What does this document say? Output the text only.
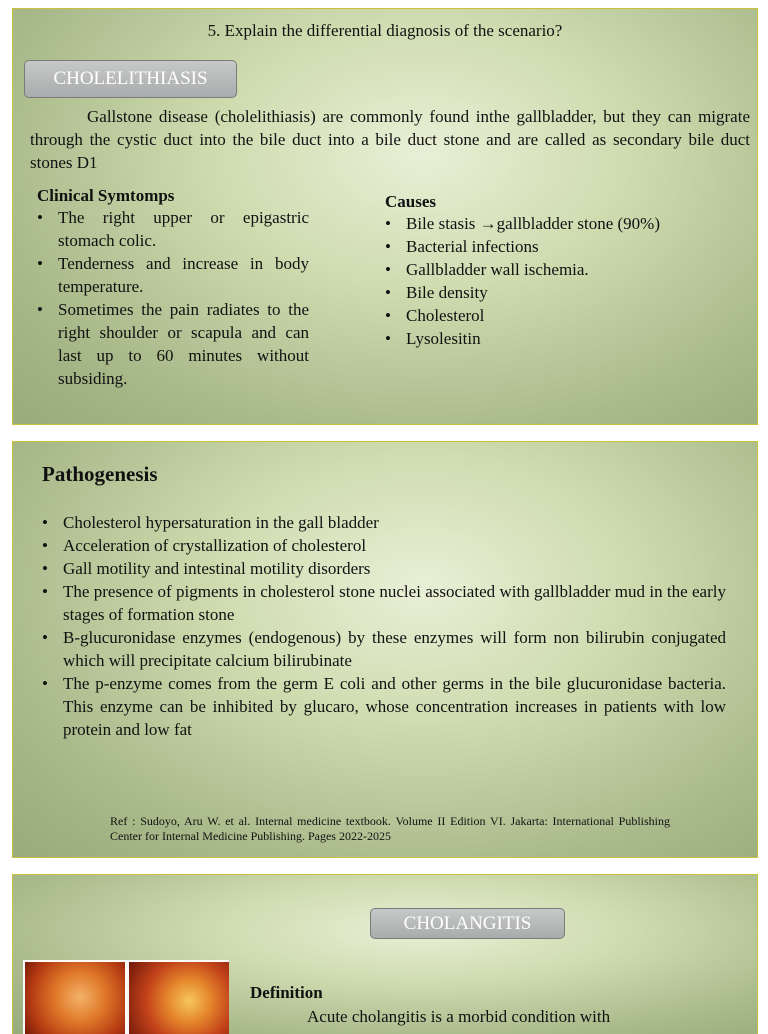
5. Explain the differential diagnosis of the scenario?
CHOLELITHIASIS
Gallstone disease (cholelithiasis) are commonly found inthe gallbladder, but they can migrate through the cystic duct into the bile duct into a bile duct stone and are called as secondary bile duct stones D1
Clinical Symtomps
• The right upper or epigastric stomach colic.
• Tenderness and increase in body temperature.
• Sometimes the pain radiates to the right shoulder or scapula and can last up to 60 minutes without subsiding.
Causes
• Bile stasis →gallbladder stone (90%)
• Bacterial infections
• Gallbladder wall ischemia.
• Bile density
• Cholesterol
• Lysolesitin
Pathogenesis
• Cholesterol hypersaturation in the gall bladder
• Acceleration of crystallization of cholesterol
• Gall motility and intestinal motility disorders
• The presence of pigments in cholesterol stone nuclei associated with gallbladder mud in the early stages of formation stone
• B-glucuronidase enzymes (endogenous) by these enzymes will form non bilirubin conjugated which will precipitate calcium bilirubinate
• The p-enzyme comes from the germ E coli and other germs in the bile glucuronidase bacteria. This enzyme can be inhibited by glucaro, whose concentration increases in patients with low protein and low fat
Ref : Sudoyo, Aru W. et al. Internal medicine textbook. Volume II Edition VI. Jakarta: International Publishing Center for Internal Medicine Publishing. Pages 2022-2025
CHOLANGITIS
Definition
Acute cholangitis is a morbid condition with
